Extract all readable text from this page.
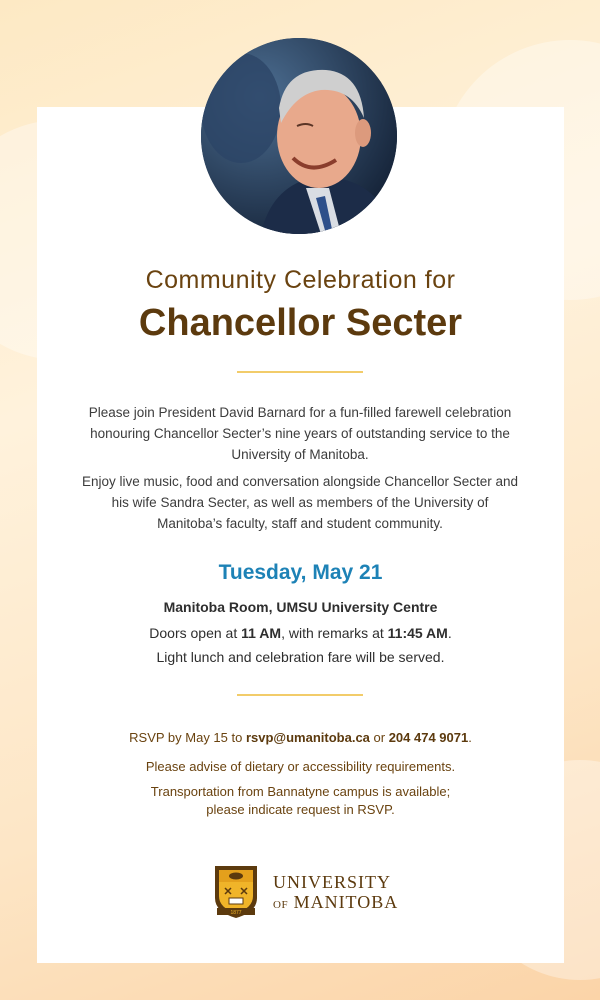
Community Celebration for
Chancellor Secter
Please join President David Barnard for a fun-filled farewell celebration honouring Chancellor Secter’s nine years of outstanding service to the University of Manitoba.
Enjoy live music, food and conversation alongside Chancellor Secter and his wife Sandra Secter, as well as members of the University of Manitoba’s faculty, staff and student community.
Tuesday, May 21
Manitoba Room, UMSU University Centre
Doors open at 11 AM, with remarks at 11:45 AM.
Light lunch and celebration fare will be served.
RSVP by May 15 to rsvp@umanitoba.ca or 204 474 9071.
Please advise of dietary or accessibility requirements.
Transportation from Bannatyne campus is available;
please indicate request in RSVP.
1877
UNIVERSITY
OF MANITOBA
